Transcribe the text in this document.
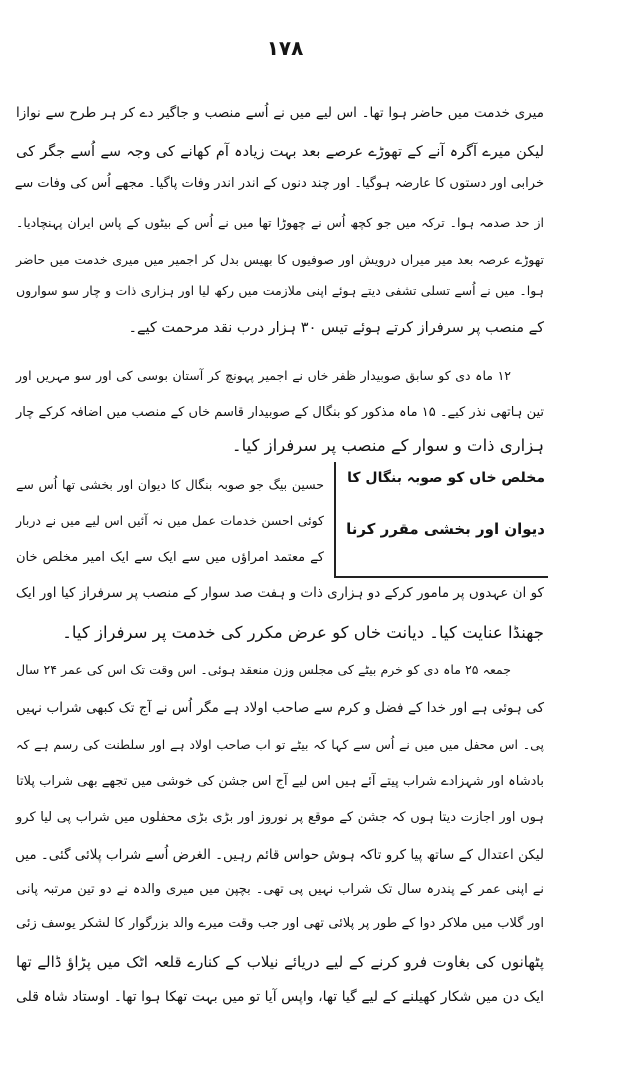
۱۷۸
میری خدمت میں حاضر ہوا تھا۔ اس لیے میں نے اُسے منصب و جاگیر دے کر ہر طرح سے نوازا
لیکن میرے آگرہ آنے کے تھوڑے عرصے بعد بہت زیادہ آم کھانے کی وجہ سے اُسے جگر کی
خرابی اور دستوں کا عارضہ ہوگیا۔ اور چند دنوں کے اندر اندر وفات پاگیا۔ مجھے اُس کی وفات سے
از حد صدمہ ہوا۔ ترکہ میں جو کچھ اُس نے چھوڑا تھا میں نے اُس کے بیٹوں کے پاس ایران پہنچادیا۔
تھوڑے عرصہ بعد میر میراں درویش اور صوفیوں کا بھیس بدل کر اجمیر میں میری خدمت میں حاضر
ہوا۔ میں نے اُسے تسلی تشفی دیتے ہوئے اپنی ملازمت میں رکھ لیا اور ہزاری ذات و چار سو سواروں
کے منصب پر سرفراز کرتے ہوئے تیس ۳۰ ہزار درب نقد مرحمت کیے۔
۱۲ ماہ دی کو سابق صوبیدار ظفر خاں نے اجمیر پہونچ کر آستان بوسی کی اور سو مہریں اور
تین ہاتھی نذر کیے۔ ۱۵ ماہ مذکور کو بنگال کے صوبیدار قاسم خاں کے منصب میں اضافہ کرکے چار
ہزاری ذات و سوار کے منصب پر سرفراز کیا۔
مخلص خاں کو صوبہ بنگال کا
دیوان اور بخشی مقرر کرنا
حسین بیگ جو صوبہ بنگال کا دیوان اور بخشی تھا اُس سے
کوئی احسن خدمات عمل میں نہ آئیں اس لیے میں نے دربار
کے معتمد امراؤں میں سے ایک سے ایک امیر مخلص خان
کو ان عہدوں پر مامور کرکے دو ہزاری ذات و ہفت صد سوار کے منصب پر سرفراز کیا اور ایک
جھنڈا عنایت کیا۔ دیانت خاں کو عرض مکرر کی خدمت پر سرفراز کیا۔
جمعہ ۲۵ ماہ دی کو خرم بیٹے کی مجلس وزن منعقد ہوئی۔ اس وقت تک اس کی عمر ۲۴ سال
کی ہوئی ہے اور خدا کے فضل و کرم سے صاحب اولاد ہے مگر اُس نے آج تک کبھی شراب نہیں
پی۔ اس محفل میں میں نے اُس سے کہا کہ بیٹے تو اب صاحب اولاد ہے اور سلطنت کی رسم ہے کہ
بادشاہ اور شہزادے شراب پیتے آئے ہیں اس لیے آج اس جشن کی خوشی میں تجھے بھی شراب پلاتا
ہوں اور اجازت دیتا ہوں کہ جشن کے موقع پر نوروز اور بڑی بڑی محفلوں میں شراب پی لیا کرو
لیکن اعتدال کے ساتھ پیا کرو تاکہ ہوش حواس قائم رہیں۔ الغرض اُسے شراب پلائی گئی۔ میں
نے اپنی عمر کے پندرہ سال تک شراب نہیں پی تھی۔ بچپن میں میری والدہ نے دو تین مرتبہ پانی
اور گلاب میں ملاکر دوا کے طور پر پلائی تھی اور جب وقت میرے والد بزرگوار کا لشکر یوسف زئی
پٹھانوں کی بغاوت فرو کرنے کے لیے دریائے نیلاب کے کنارے قلعہ اٹک میں پڑاؤ ڈالے تھا
ایک دن میں شکار کھیلنے کے لیے گیا تھا، واپس آیا تو میں بہت تھکا ہوا تھا۔ اوستاد شاہ قلی
